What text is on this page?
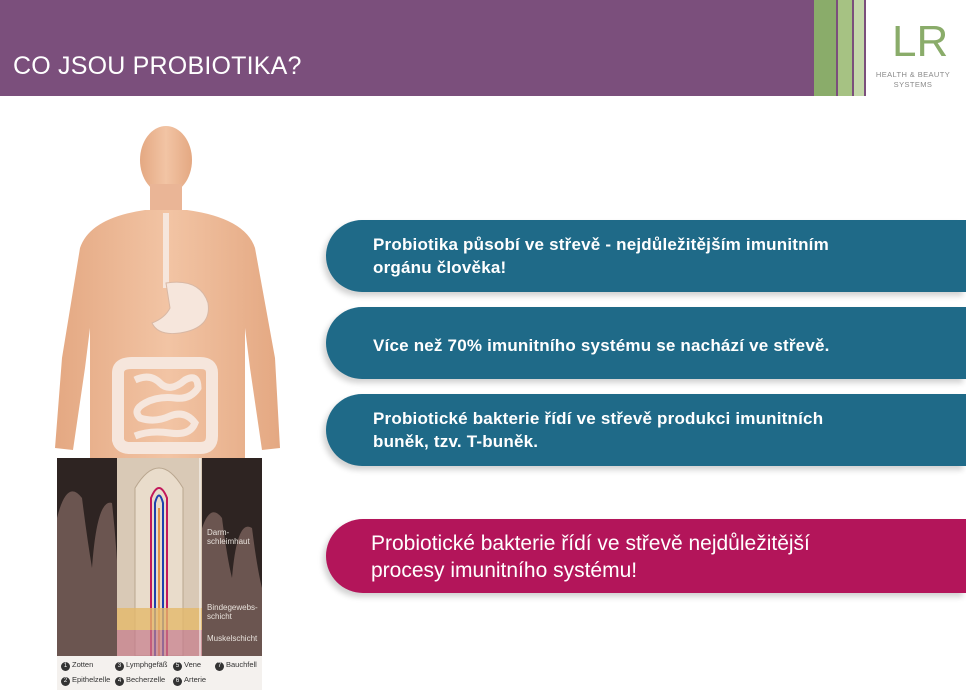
CO JSOU PROBIOTIKA?	LR
HEALTH & BEAUTY
SYSTEMS
Darm-schleimhaut
Bindegewebs-schicht
Muskelschicht
1 Zotten
2 Epithelzelle
3 Lymphgefäß
4 Becherzelle
5 Vene
6 Arterie
7 Bauchfell
Probiotika působí ve střevě - nejdůležitějším imunitním
orgánu člověka!
Více než 70% imunitního systému se nachází ve střevě.
Probiotické bakterie řídí ve střevě produkci imunitních
buněk, tzv. T-buněk.
Probiotické bakterie řídí ve střevě nejdůležitější
procesy imunitního systému!
